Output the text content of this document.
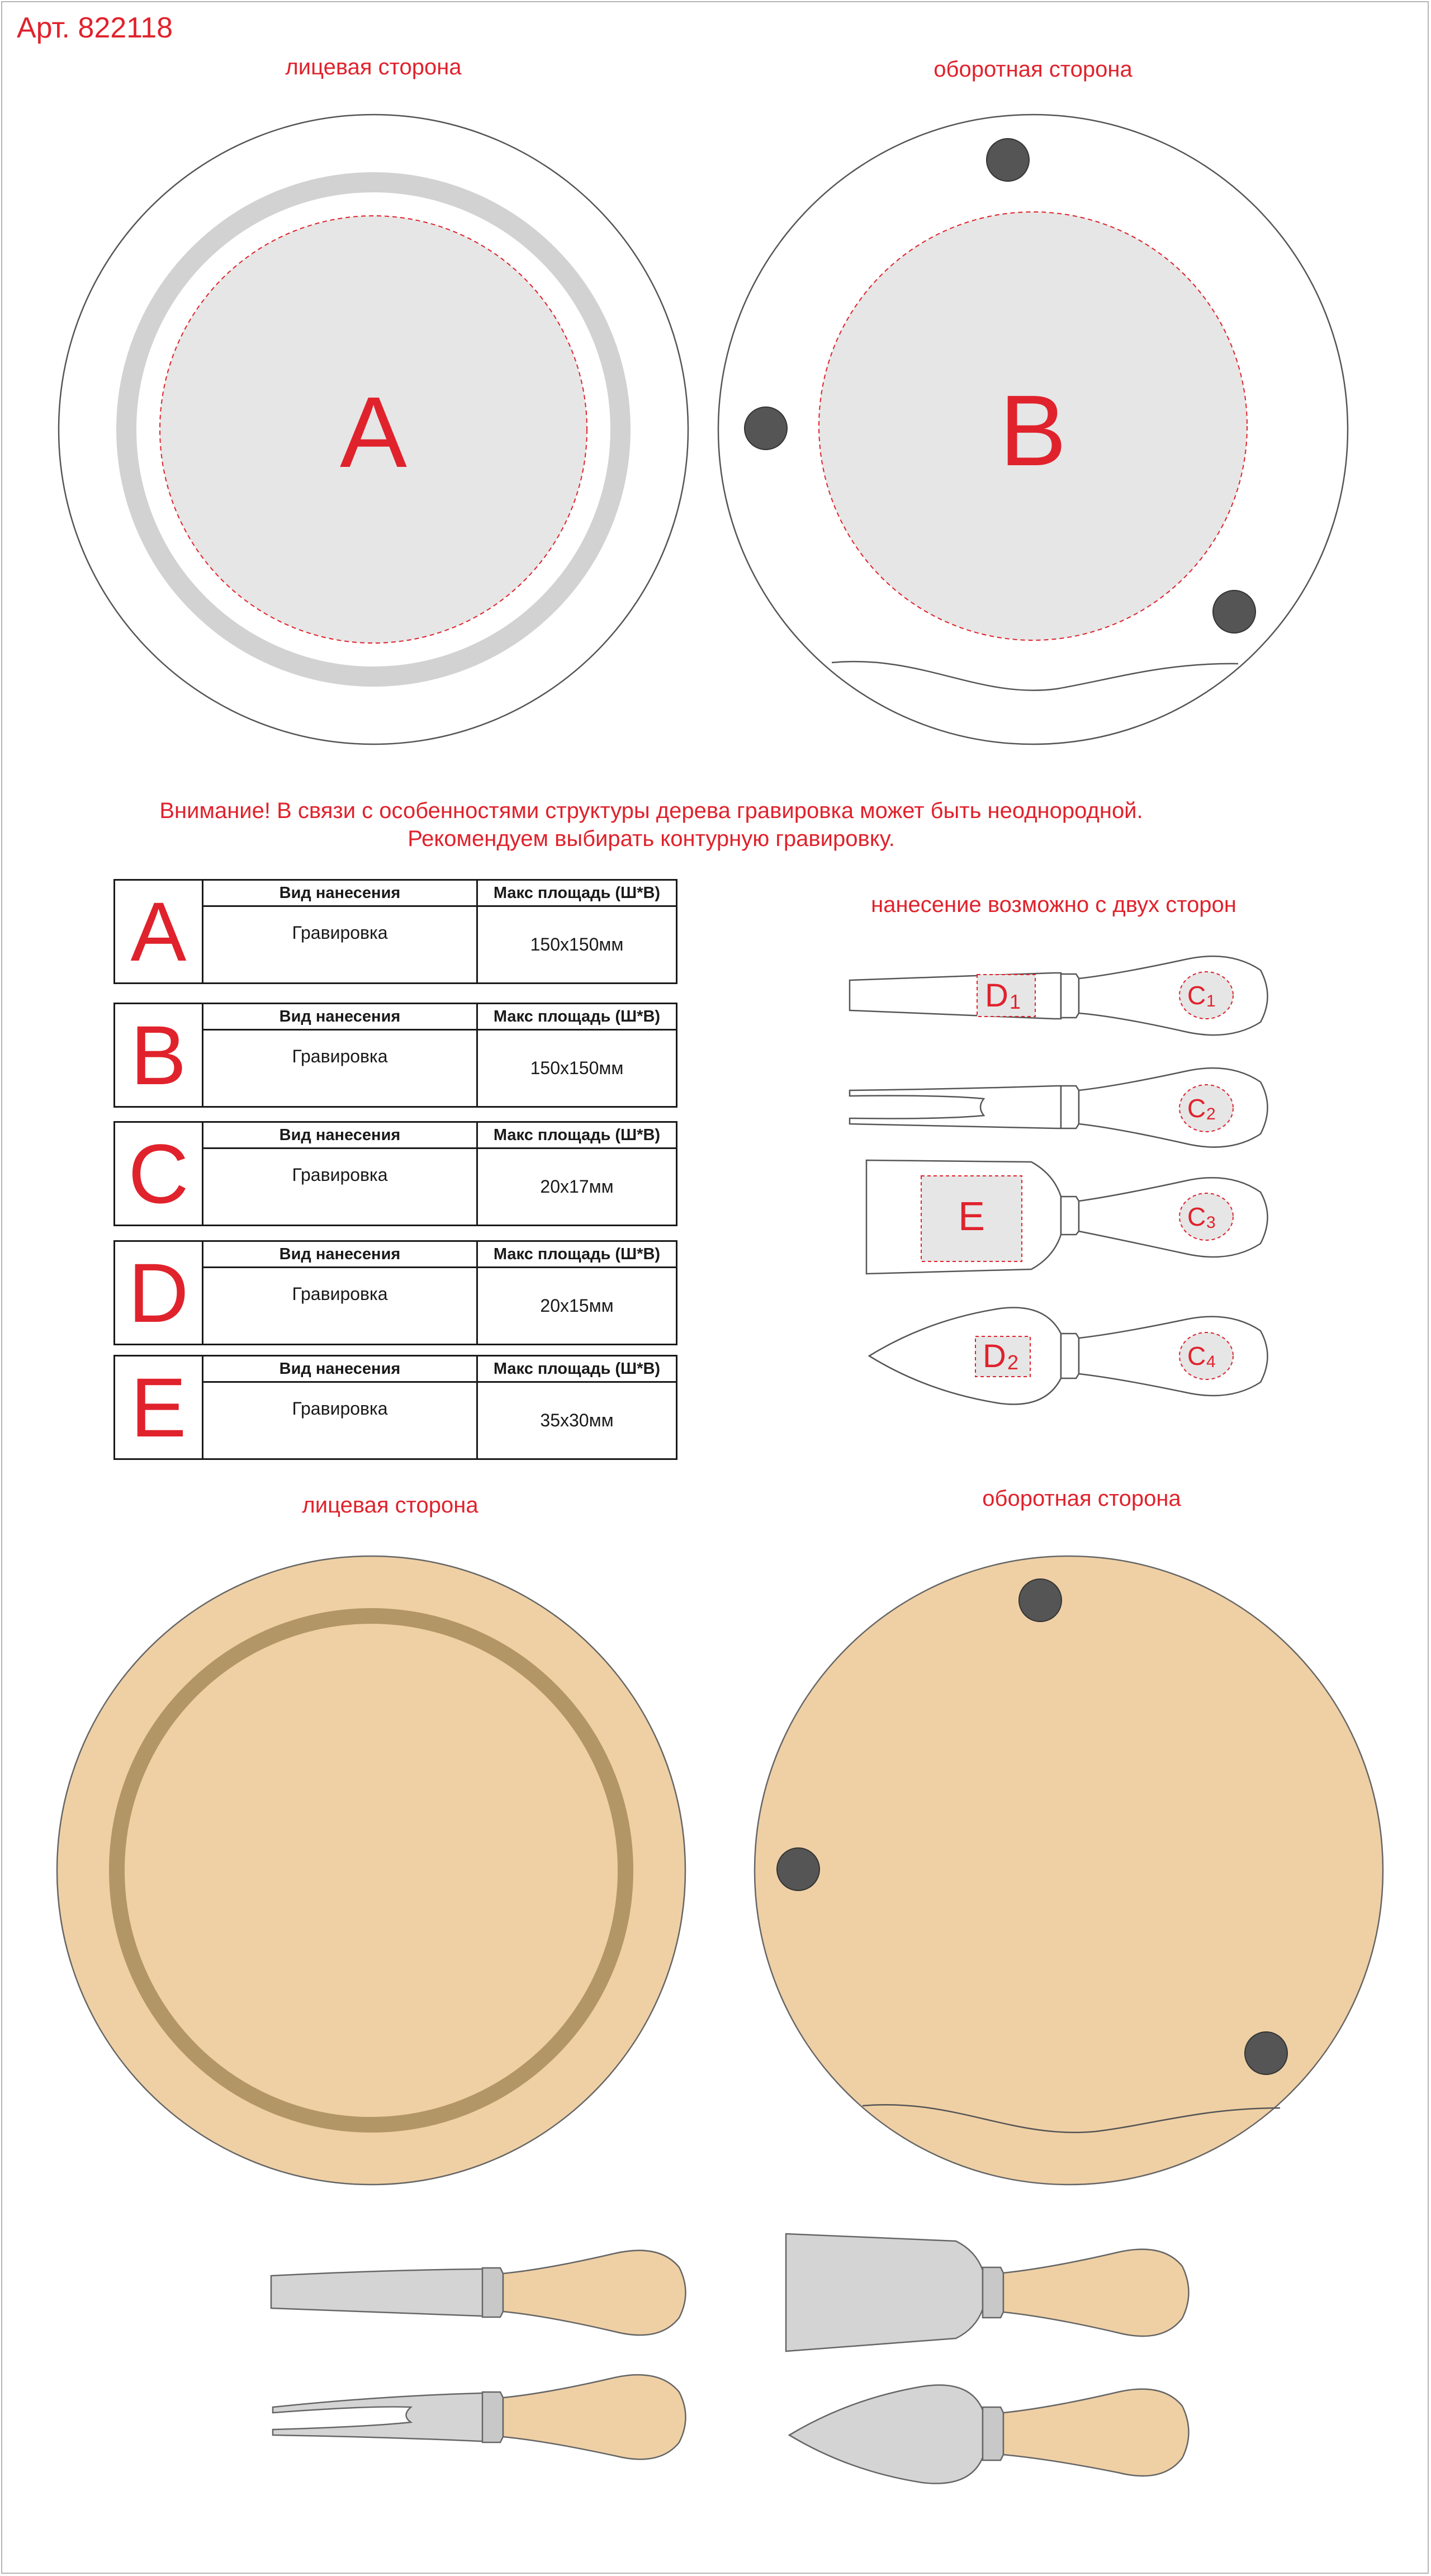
Арт. 822118
лицевая сторона	оборотная сторона
A	B
Внимание! В связи с особенностями структуры дерева гравировка может быть неоднородной.
Рекомендуем выбирать контурную гравировку.
A	Вид нанесения	Макс площадь (Ш*В)
	Гравировка	150x150мм
B	Вид нанесения	Макс площадь (Ш*В)
	Гравировка	150x150мм
C	Вид нанесения	Макс площадь (Ш*В)
	Гравировка	20x17мм
D	Вид нанесения	Макс площадь (Ш*В)
	Гравировка	20x15мм
E	Вид нанесения	Макс площадь (Ш*В)
	Гравировка	35x30мм
нанесение возможно с двух сторон
D 1	C 1
C 2
E	C 3
D 2	C 4
лицевая сторона	оборотная сторона
